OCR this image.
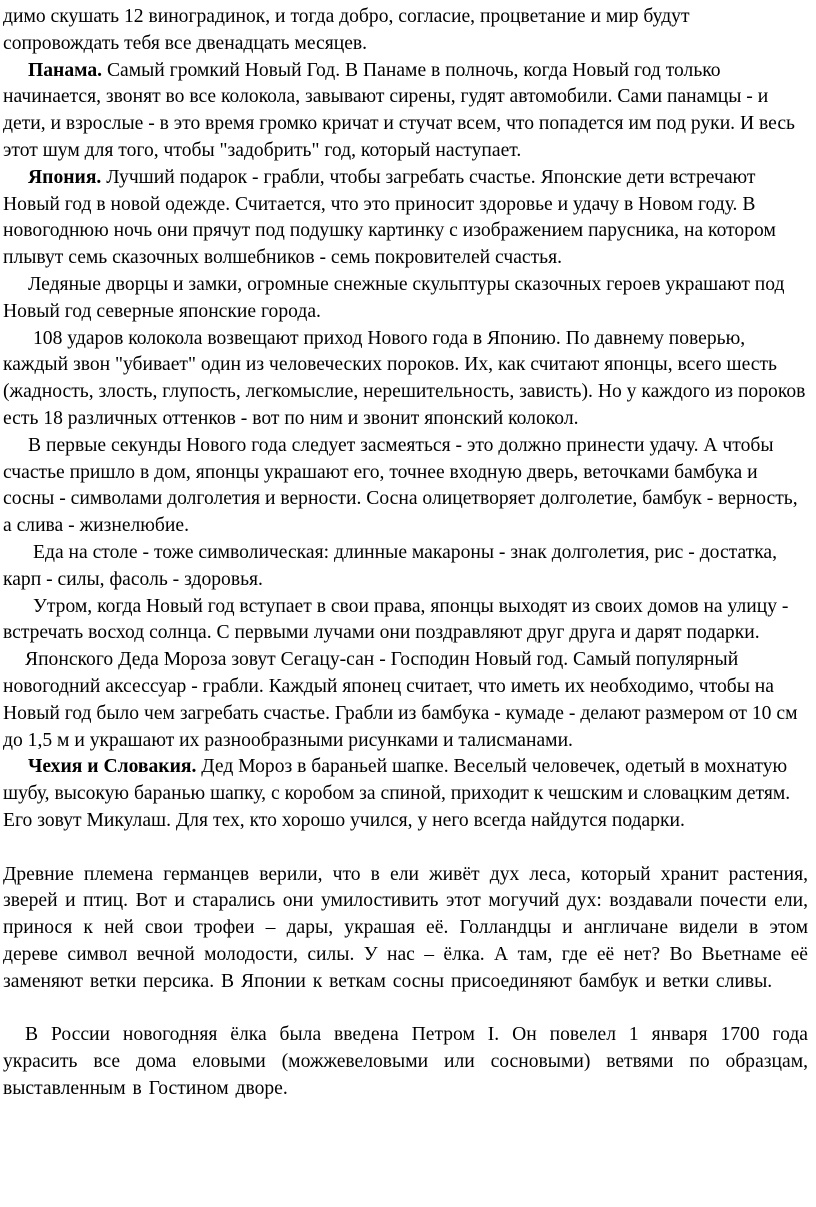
димо скушать 12 виноградинок, и тогда добро, согласие, процветание и мир будут сопровождать тебя все двенадцать месяцев.

Панама. Самый громкий Новый Год. В Панаме в полночь, когда Новый год только начинается, звонят во все колокола, завывают сирены, гудят автомобили. Сами панамцы - и дети, и взрослые - в это время громко кричат и стучат всем, что попадется им под руки. И весь этот шум для того, чтобы "задобрить" год, который наступает.

Япония. Лучший подарок - грабли, чтобы загребать счастье. Японские дети встречают Новый год в новой одежде. Считается, что это приносит здоровье и удачу в Новом году. В новогоднюю ночь они прячут под подушку картинку с изображением парусника, на котором плывут семь сказочных волшебников - семь покровителей счастья.

Ледяные дворцы и замки, огромные снежные скульптуры сказочных героев украшают под Новый год северные японские города.

108 ударов колокола возвещают приход Нового года в Японию. По давнему поверью, каждый звон "убивает" один из человеческих пороков. Их, как считают японцы, всего шесть (жадность, злость, глупость, легкомыслие, нерешительность, зависть). Но у каждого из пороков есть 18 различных оттенков - вот по ним и звонит японский колокол.

В первые секунды Нового года следует засмеяться - это должно принести удачу. А чтобы счастье пришло в дом, японцы украшают его, точнее входную дверь, веточками бамбука и сосны - символами долголетия и верности. Сосна олицетворяет долголетие, бамбук - верность, а слива - жизнелюбие.

Еда на столе - тоже символическая: длинные макароны - знак долголетия, рис - достатка, карп - силы, фасоль - здоровья.

Утром, когда Новый год вступает в свои права, японцы выходят из своих домов на улицу - встречать восход солнца. С первыми лучами они поздравляют друг друга и дарят подарки.

Японского Деда Мороза зовут Сегацу-сан - Господин Новый год. Самый популярный новогодний аксессуар - грабли. Каждый японец считает, что иметь их необходимо, чтобы на Новый год было чем загребать счастье. Грабли из бамбука - кумаде - делают размером от 10 см до 1,5 м и украшают их разнообразными рисунками и талисманами.

Чехия и Словакия. Дед Мороз в бараньей шапке. Веселый человечек, одетый в мохнатую шубу, высокую баранью шапку, с коробом за спиной, приходит к чешским и словацким детям. Его зовут Микулаш. Для тех, кто хорошо учился, у него всегда найдутся подарки.

Древние племена германцев верили, что в ели живёт дух леса, который хранит растения, зверей и птиц. Вот и старались они умилостивить этот могучий дух: воздавали почести ели, принося к ней свои трофеи – дары, украшая её. Голландцы и англичане видели в этом дереве символ вечной молодости, силы. У нас – ёлка. А там, где её нет? Во Вьетнаме её заменяют ветки персика. В Японии к веткам сосны присоединяют бамбук и ветки сливы.

В России новогодняя ёлка была введена Петром I. Он повелел 1 января 1700 года украсить все дома еловыми (можжевеловыми или сосновыми) ветвями по образцам, выставленным в Гостином дворе.
